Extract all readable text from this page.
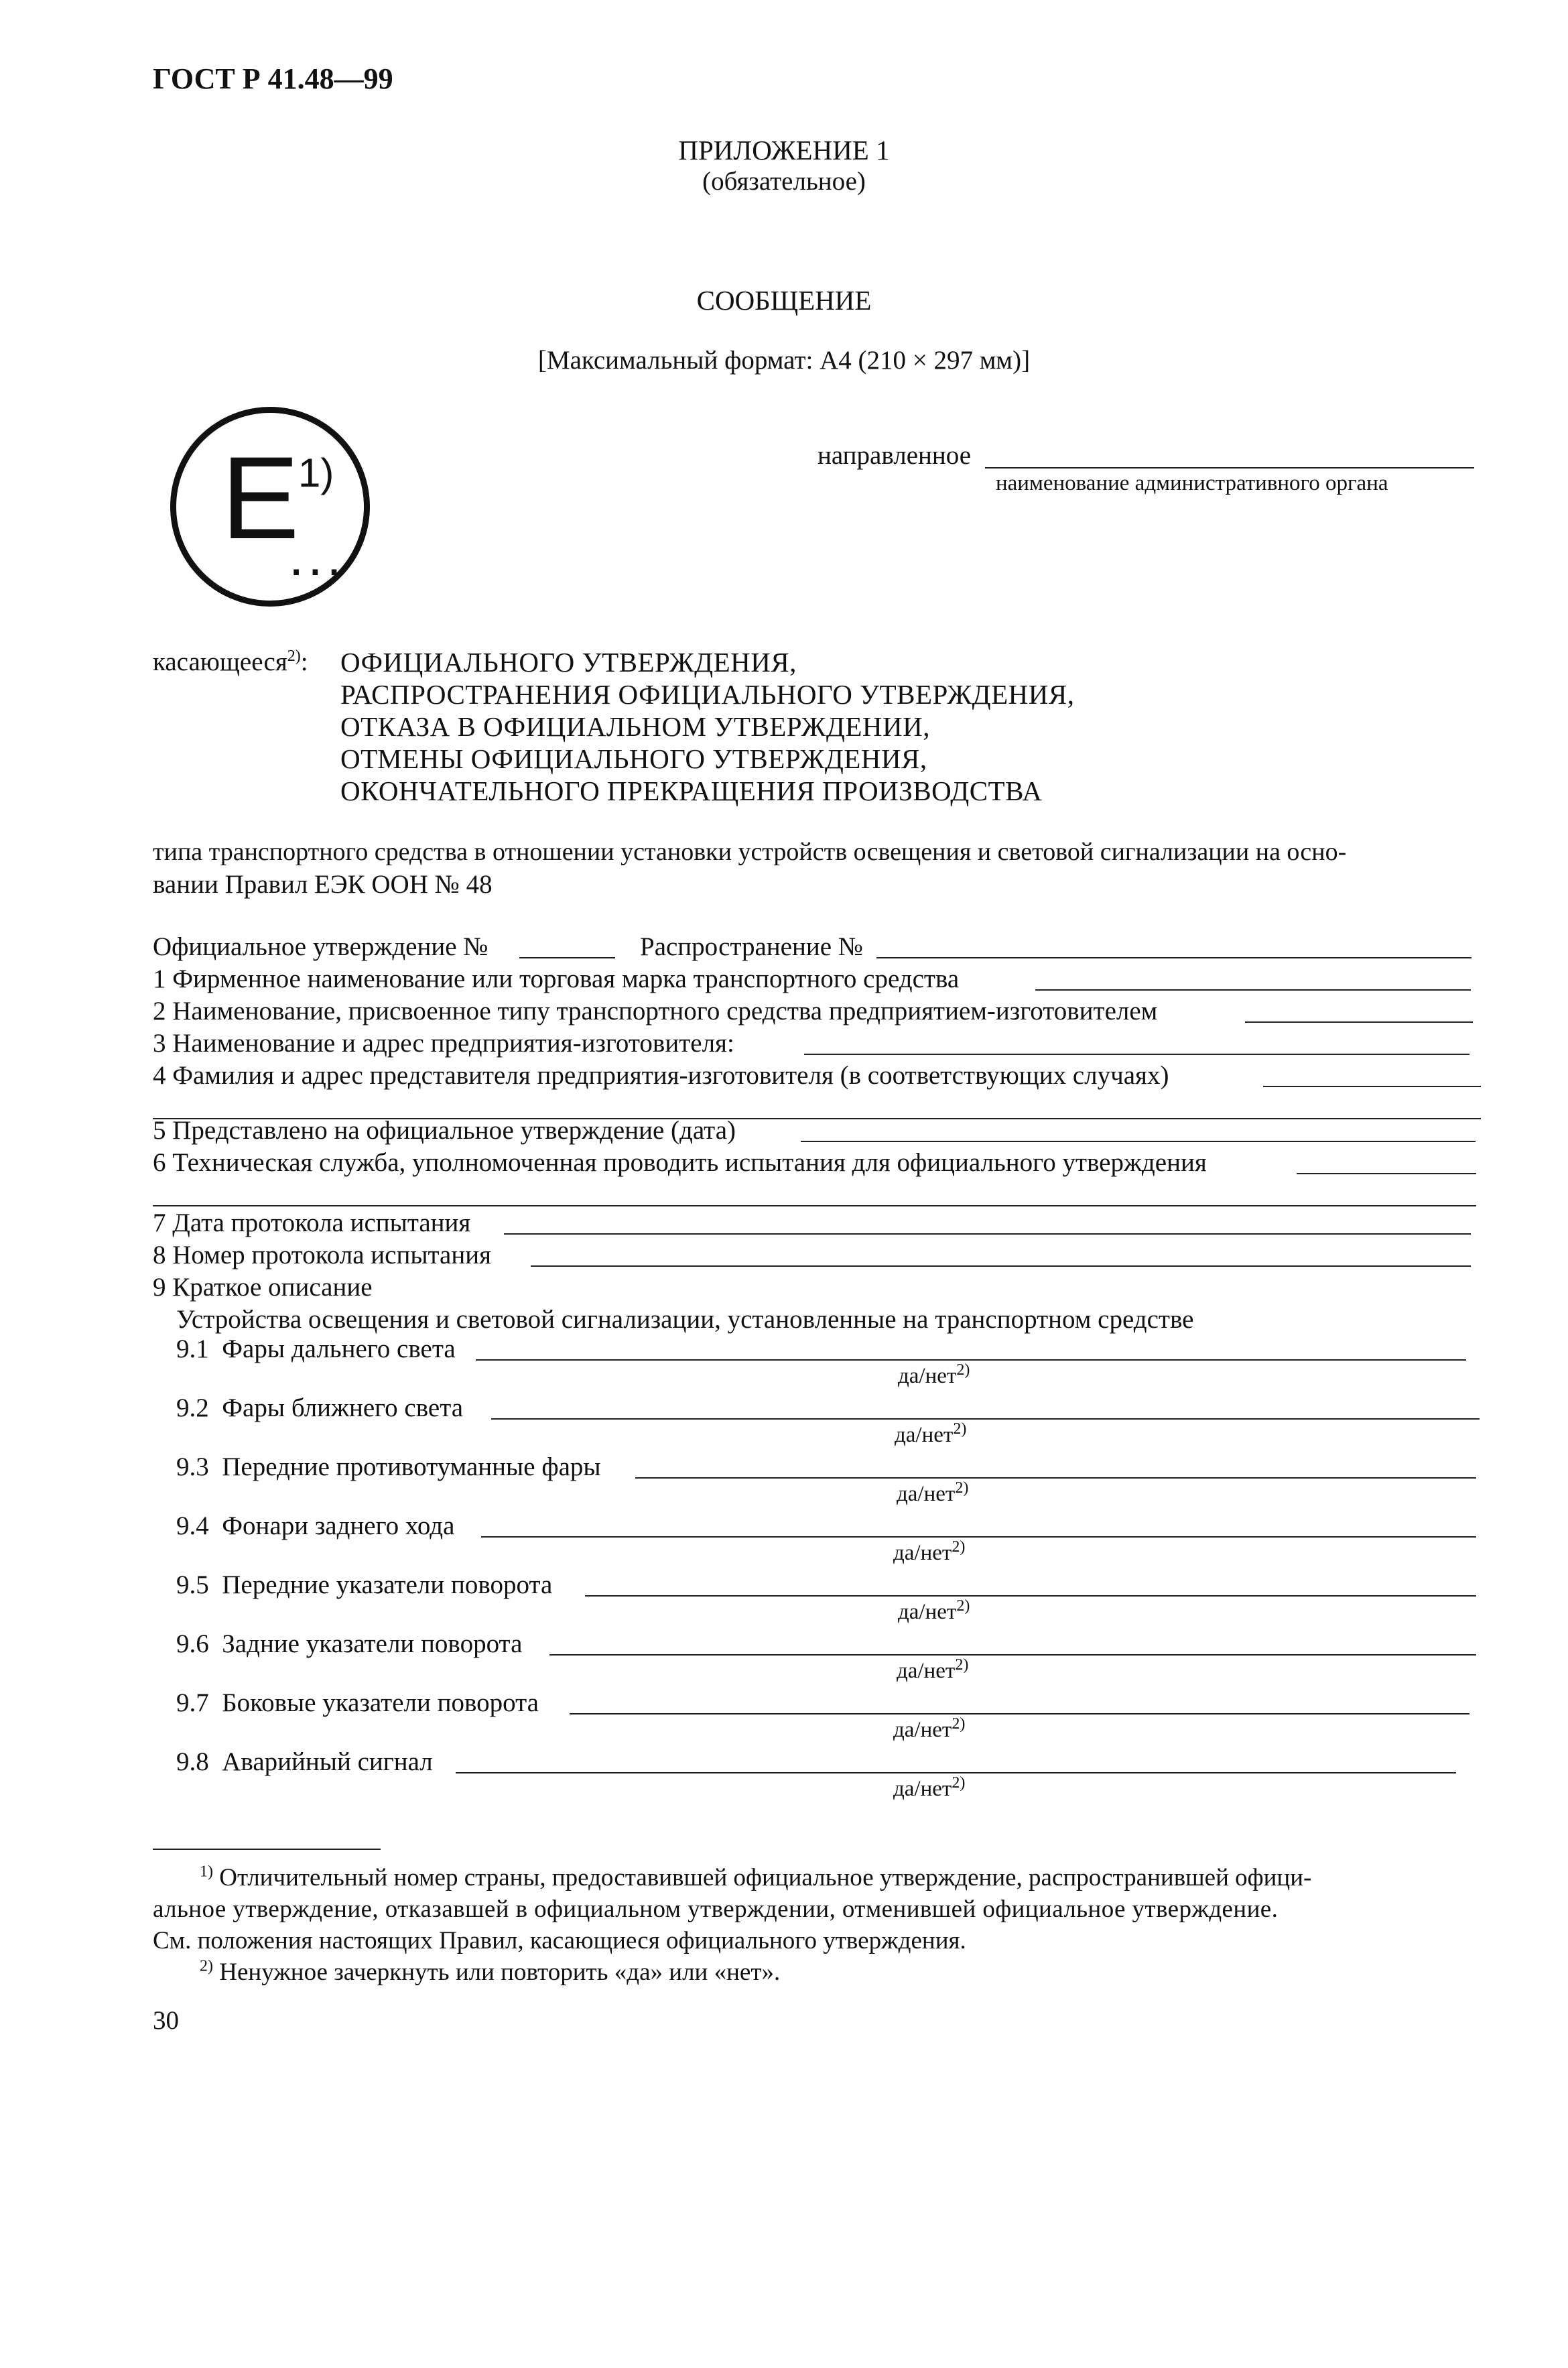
ГОСТ Р 41.48—99
ПРИЛОЖЕНИЕ 1
(обязательное)
СООБЩЕНИЕ
[Максимальный формат: А4 (210 × 297 мм)]
E
1)
...
направленное
наименование административного органа
касающееся$^{2)}$: ОФИЦИАЛЬНОГО УТВЕРЖДЕНИЯ,
РАСПРОСТРАНЕНИЯ ОФИЦИАЛЬНОГО УТВЕРЖДЕНИЯ,
ОТКАЗА В ОФИЦИАЛЬНОМ УТВЕРЖДЕНИИ,
ОТМЕНЫ ОФИЦИАЛЬНОГО УТВЕРЖДЕНИЯ,
ОКОНЧАТЕЛЬНОГО ПРЕКРАЩЕНИЯ ПРОИЗВОДСТВА
типа транспортного средства в отношении установки устройств освещения и световой сигнализации на осно-
вании Правил ЕЭК ООН № 48
Официальное утверждение №	Распространение №
1 Фирменное наименование или торговая марка транспортного средства
2 Наименование, присвоенное типу транспортного средства предприятием-изготовителем
3 Наименование и адрес предприятия-изготовителя:
4 Фамилия и адрес представителя предприятия-изготовителя (в соответствующих случаях)
5 Представлено на официальное утверждение (дата)
6 Техническая служба, уполномоченная проводить испытания для официального утверждения
7 Дата протокола испытания
8 Номер протокола испытания
9 Краткое описание
Устройства освещения и световой сигнализации, установленные на транспортном средстве
9.1 Фары дальнего света
да/нет$^{2)}$
9.2 Фары ближнего света
да/нет$^{2)}$
9.3 Передние противотуманные фары
да/нет$^{2)}$
9.4 Фонари заднего хода
да/нет$^{2)}$
9.5 Передние указатели поворота
да/нет$^{2)}$
9.6 Задние указатели поворота
да/нет$^{2)}$
9.7 Боковые указатели поворота
да/нет$^{2)}$
9.8 Аварийный сигнал
да/нет$^{2)}$
$^{1)}$ Отличительный номер страны, предоставившей официальное утверждение, распространившей офици-
альное утверждение, отказавшей в официальном утверждении, отменившей официальное утверждение.
См. положения настоящих Правил, касающиеся официального утверждения.
$^{2)}$ Ненужное зачеркнуть или повторить «да» или «нет».
30
